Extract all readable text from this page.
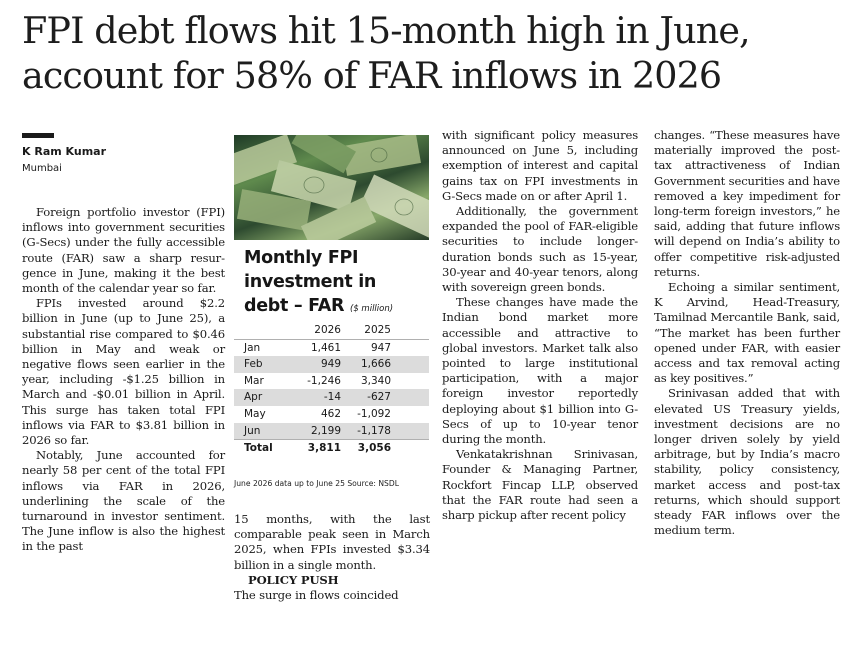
FPI debt flows hit 15-month high in June,
account for 58% of FAR inflows in 2026
K Ram Kumar
Mumbai

Foreign portfolio investor (FPI) inflows into government securities (G-Secs) under the fully accessible route (FAR) saw a sharp resurgence in June, making it the best month of the calendar year so far.

FPIs invested around $2.2 billion in June (up to June 25), a substantial rise compared to $0.46 billion in May and weak or negative flows seen earlier in the year, including -$1.25 billion in March and -$0.01 billion in April. This surge has taken total FPI inflows via FAR to $3.81 billion in 2026 so far.

Notably, June accounted for nearly 58 per cent of the total FPI inflows via FAR in 2026, underlining the scale of the turnaround in investor sentiment. The June inflow is also the highest in the past

Monthly FPI
investment in
debt – FAR ($ million)
2026 2025
Jan	1,461	947
Feb	949 1,666
Mar	-1,246 3,340
Apr	-14 -627
May	462 -1,092
Jun	2,199 -1,178
Total	3,811 3,056
June 2026 data up to June 25 Source: NSDL

15 months, with the last comparable peak seen in March 2025, when FPIs invested $3.34 billion in a single month.

POLICY PUSH

The surge in flows coincided

with significant policy measures announced on June 5, including exemption of interest and capital gains tax on FPI investments in G-Secs made on or after April 1.

Additionally, the government expanded the pool of FAR-eligible securities to include longer-duration bonds such as 15-year, 30-year and 40-year tenors, along with sovereign green bonds.

These changes have made the Indian bond market more accessible and attractive to global investors. Market talk also pointed to large institutional participation, with a major foreign investor reportedly deploying about $1 billion into G-Secs of up to 10-year tenor during the month.

Venkatakrishnan Srinivasan, Founder & Managing Partner, Rockfort Fincap LLP, observed that the FAR route had seen a sharp pickup after recent policy

changes. “These measures have materially improved the post-tax attractiveness of Indian Government securities and have removed a key impediment for long-term foreign investors,” he said, adding that future inflows will depend on India’s ability to offer competitive risk-adjusted returns.

Echoing a similar sentiment, K Arvind, Head-Treasury, Tamilnad Mercantile Bank, said, “The market has been further opened under FAR, with easier access and tax removal acting as key positives.”

Srinivasan added that with elevated US Treasury yields, investment decisions are no longer driven solely by yield arbitrage, but by India’s macro stability, policy consistency, market access and post-tax returns, which should support steady FAR inflows over the medium term.
